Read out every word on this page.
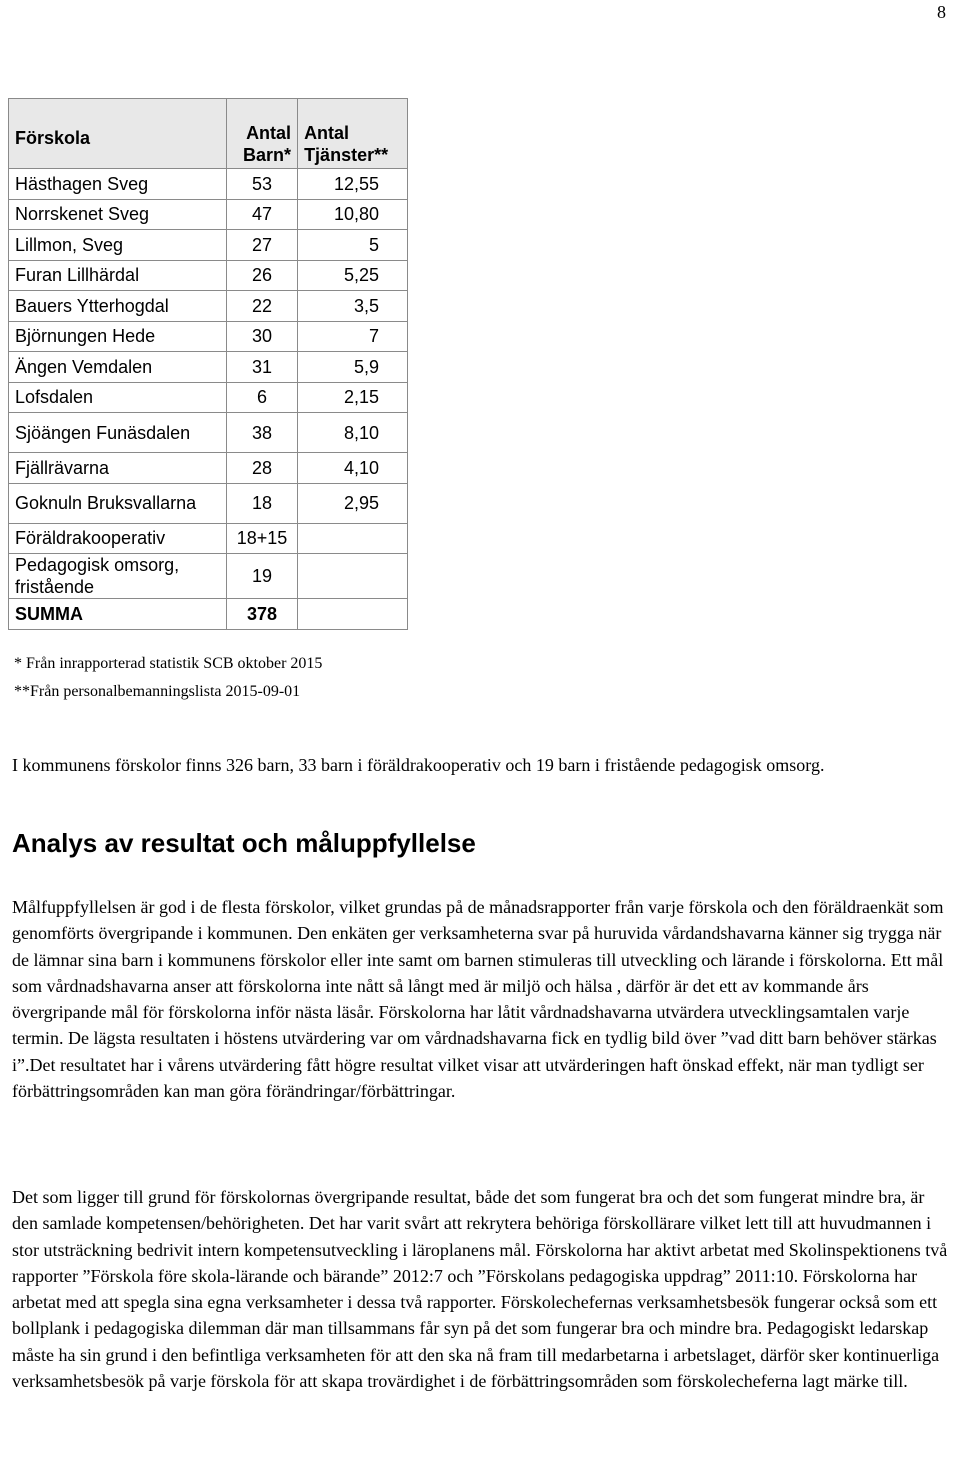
8
Förskola	Antal Barn*	Antal Tjänster**
Hästhagen Sveg	53	12,55
Norrskenet Sveg	47	10,80
Lillmon, Sveg	27	5
Furan Lillhärdal	26	5,25
Bauers Ytterhogdal	22	3,5
Björnungen Hede	30	7
Ängen Vemdalen	31	5,9
Lofsdalen	6	2,15
Sjöängen Funäsdalen	38	8,10
Fjällrävarna	28	4,10
Goknuln Bruksvallarna	18	2,95
Föräldrakooperativ	18+15	
Pedagogisk omsorg, fristående	19	
SUMMA	378	
* Från inrapporterad statistik SCB oktober 2015
**Från personalbemanningslista 2015-09-01

I kommunens förskolor finns 326 barn, 33 barn i föräldrakooperativ och 19 barn i fristående pedagogisk omsorg.

Analys av resultat och måluppfyllelse

Målfuppfyllelsen är god i de flesta förskolor, vilket grundas på de månadsrapporter från varje förskola och den föräldraenkät som genomförts övergripande i kommunen. Den enkäten ger verksamheterna svar på huruvida vårdandshavarna känner sig trygga när de lämnar sina barn i kommunens förskolor eller inte samt om barnen stimuleras till utveckling och lärande i förskolorna. Ett mål som vårdnadshavarna anser att förskolorna inte nått så långt med är miljö och hälsa , därför är det ett av kommande års övergripande mål för förskolorna inför nästa läsår. Förskolorna har låtit vårdnadshavarna utvärdera utvecklingsamtalen varje termin. De lägsta resultaten i höstens utvärdering var om vårdnadshavarna fick en tydlig bild över ”vad ditt barn behöver stärkas i”.Det resultatet har i vårens utvärdering fått högre resultat vilket visar att utvärderingen haft önskad effekt, när man tydligt ser förbättringsområden kan man göra förändringar/förbättringar.

Det som ligger till grund för förskolornas övergripande resultat, både det som fungerat bra och det som fungerat mindre bra, är den samlade kompetensen/behörigheten. Det har varit svårt att rekrytera behöriga förskollärare vilket lett till att huvudmannen i stor utsträckning bedrivit intern kompetensutveckling i läroplanens mål. Förskolorna har aktivt arbetat med Skolinspektionens två rapporter ”Förskola före skola-lärande och bärande” 2012:7 och ”Förskolans pedagogiska uppdrag” 2011:10. Förskolorna har arbetat med att spegla sina egna verksamheter i dessa två rapporter. Förskolechefernas verksamhetsbesök fungerar också som ett bollplank i pedagogiska dilemman där man tillsammans får syn på det som fungerar bra och mindre bra. Pedagogiskt ledarskap måste ha sin grund i den befintliga verksamheten för att den ska nå fram till medarbetarna i arbetslaget, därför sker kontinuerliga verksamhetsbesök på varje förskola för att skapa trovärdighet i de förbättringsområden som förskolecheferna lagt märke till.
